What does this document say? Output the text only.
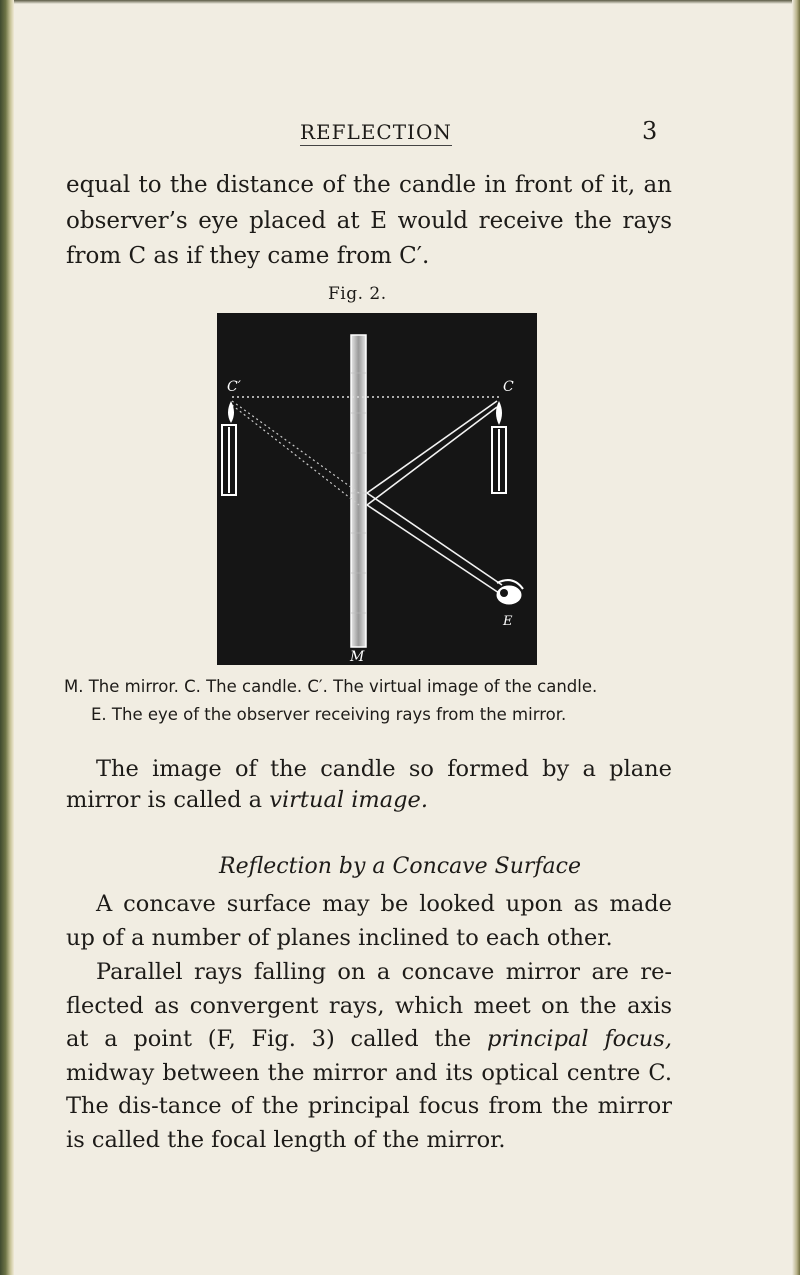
REFLECTION	3

equal to the distance of the candle in front of it, an observer’s eye placed at E would receive the rays from C as if they came from C′.

Fig. 2.
C′	C
E
M
M. The mirror. C. The candle. C′. The virtual image of the candle.
E. The eye of the observer receiving rays from the mirror.

The image of the candle so formed by a plane mirror is called a virtual image.

Reflection by a Concave Surface

A concave surface may be looked upon as made up of a number of planes inclined to each other.

Parallel rays falling on a concave mirror are re-flected as convergent rays, which meet on the axis at a point (F, Fig. 3) called the principal focus, midway between the mirror and its optical centre C. The dis-tance of the principal focus from the mirror is called the focal length of the mirror.
